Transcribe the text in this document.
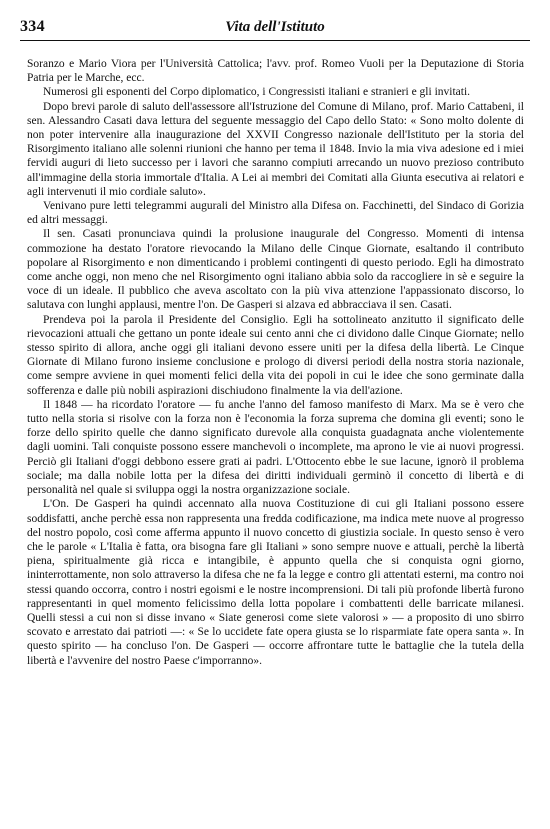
334	Vita dell'Istituto

Soranzo e Mario Viora per l'Università Cattolica; l'avv. prof. Romeo Vuoli per la Deputazione di Storia Patria per le Marche, ecc.

Numerosi gli esponenti del Corpo diplomatico, i Congressisti italiani e stranieri e gli invitati.

Dopo brevi parole di saluto dell'assessore all'Istruzione del Comune di Milano, prof. Mario Cattabeni, il sen. Alessandro Casati dava lettura del seguente messaggio del Capo dello Stato: « Sono molto dolente di non poter intervenire alla inaugurazione del XXVII Congresso nazionale dell'Istituto per la storia del Risorgimento italiano alle solenni riunioni che hanno per tema il 1848. Invio la mia viva adesione ed i miei fervidi auguri di lieto successo per i lavori che saranno compiuti arrecando un nuovo prezioso contributo all'immagine della storia immortale d'Italia. A Lei ai membri dei Comitati alla Giunta esecutiva ai relatori e agli intervenuti il mio cordiale saluto».

Venivano pure letti telegrammi augurali del Ministro alla Difesa on. Facchinetti, del Sindaco di Gorizia ed altri messaggi.

Il sen. Casati pronunciava quindi la prolusione inaugurale del Congresso. Momenti di intensa commozione ha destato l'oratore rievocando la Milano delle Cinque Giornate, esaltando il contributo popolare al Risorgimento e non dimenticando i problemi contingenti di questo periodo. Egli ha dimostrato come anche oggi, non meno che nel Risorgimento ogni italiano abbia solo da raccogliere in sè e seguire la voce di un ideale. Il pubblico che aveva ascoltato con la più viva attenzione l'appassionato discorso, lo salutava con lunghi applausi, mentre l'on. De Gasperi si alzava ed abbracciava il sen. Casati.

Prendeva poi la parola il Presidente del Consiglio. Egli ha sottolineato anzitutto il significato delle rievocazioni attuali che gettano un ponte ideale sui cento anni che ci dividono dalle Cinque Giornate; nello stesso spirito di allora, anche oggi gli italiani devono essere uniti per la difesa della libertà. Le Cinque Giornate di Milano furono insieme conclusione e prologo di diversi periodi della nostra storia nazionale, come sempre avviene in quei momenti felici della vita dei popoli in cui le idee che sono germinate dalla sofferenza e dalle più nobili aspirazioni dischiudono finalmente la via dell'azione.

Il 1848 — ha ricordato l'oratore — fu anche l'anno del famoso manifesto di Marx. Ma se è vero che tutto nella storia si risolve con la forza non è l'economia la forza suprema che domina gli eventi; sono le forze dello spirito quelle che danno significato durevole alla conquista guadagnata anche violentemente dagli uomini. Tali conquiste possono essere manchevoli o incomplete, ma aprono le vie ai nuovi progressi. Perciò gli Italiani d'oggi debbono essere grati ai padri. L'Ottocento ebbe le sue lacune, ignorò il problema sociale; ma dalla nobile lotta per la difesa dei diritti individuali germinò il concetto di libertà e di personalità nel quale si sviluppa oggi la nostra organizzazione sociale.

L'On. De Gasperi ha quindi accennato alla nuova Costituzione di cui gli Italiani possono essere soddisfatti, anche perchè essa non rappresenta una fredda codificazione, ma indica mete nuove al progresso del nostro popolo, così come afferma appunto il nuovo concetto di giustizia sociale. In questo senso è vero che le parole « L'Italia è fatta, ora bisogna fare gli Italiani » sono sempre nuove e attuali, perchè la libertà piena, spiritualmente già ricca e intangibile, è appunto quella che si conquista ogni giorno, ininterrottamente, non solo attraverso la difesa che ne fa la legge e contro gli attentati esterni, ma contro noi stessi quando occorra, contro i nostri egoismi e le nostre incomprensioni. Di tali più profonde libertà furono rappresentanti in quel momento felicissimo della lotta popolare i combattenti delle barricate milanesi. Quelli stessi a cui non si disse invano « Siate generosi come siete valorosi » — a proposito di uno sbirro scovato e arrestato dai patrioti —: « Se lo uccidete fate opera giusta se lo risparmiate fate opera santa ». In questo spirito — ha concluso l'on. De Gasperi — occorre affrontare tutte le battaglie che la tutela della libertà e l'avvenire del nostro Paese c'imporranno».
